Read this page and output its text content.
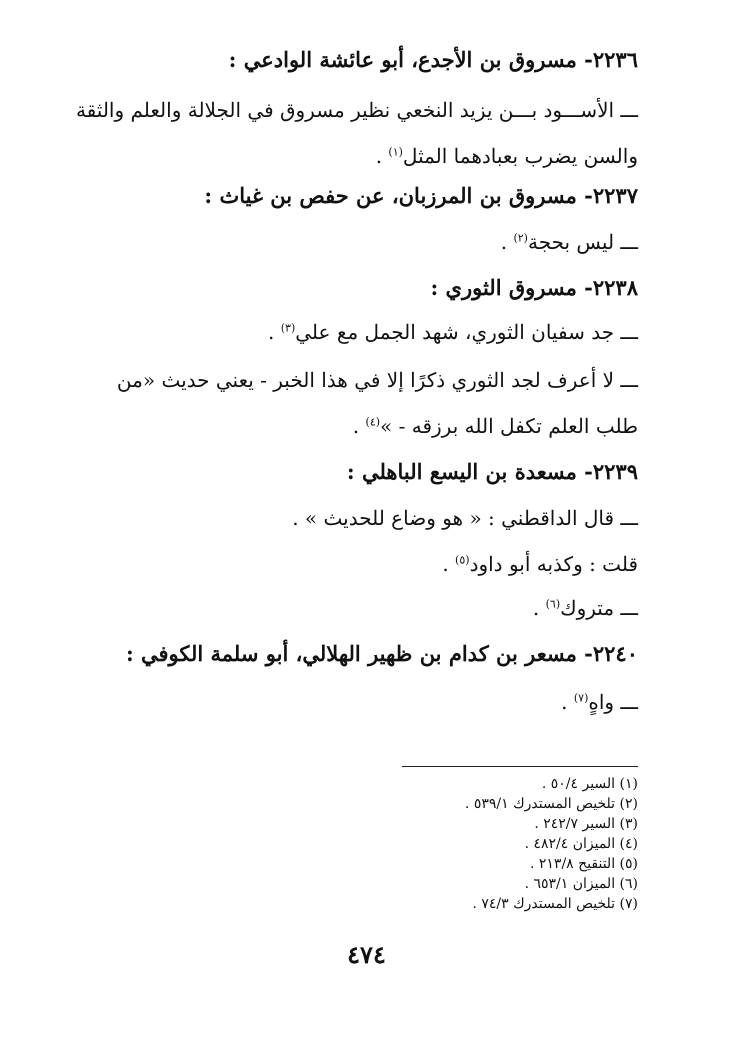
٢٢٣٦- مسروق بن الأجدع، أبو عائشة الوادعي :
ـــ الأســـود بـــن يزيد النخعي نظير مسروق في الجلالة والعلم والثقة
والسن يضرب بعبادهما المثل$^{(١)}$ .
٢٢٣٧- مسروق بن المرزبان، عن حفص بن غياث :
ـــ ليس بحجة$^{(٢)}$ .
٢٢٣٨- مسروق الثوري :
ـــ جد سفيان الثوري، شهد الجمل مع علي$^{(٣)}$ .
ـــ لا أعرف لجد الثوري ذكرًا إلا في هذا الخبر - يعني حديث «من
طلب العلم تكفل الله برزقه - »$^{(٤)}$ .
٢٢٣٩- مسعدة بن اليسع الباهلي :
ـــ قال الداقطني : « هو وضاع للحديث » .
قلت : وكذبه أبو داود$^{(٥)}$ .
ـــ متروك$^{(٦)}$ .
٢٢٤٠- مسعر بن كدام بن ظهير الهلالي، أبو سلمة الكوفي :
ـــ واهٍ$^{(٧)}$ .
(١) السير ٥٠/٤ .
(٢) تلخيص المستدرك ٥٣٩/١ .
(٣) السير ٢٤٢/٧ .
(٤) الميزان ٤٨٢/٤ .
(٥) التنقيح ٢١٣/٨ .
(٦) الميزان ٦٥٣/١ .
(٧) تلخيص المستدرك ٧٤/٣ .
٤٧٤
